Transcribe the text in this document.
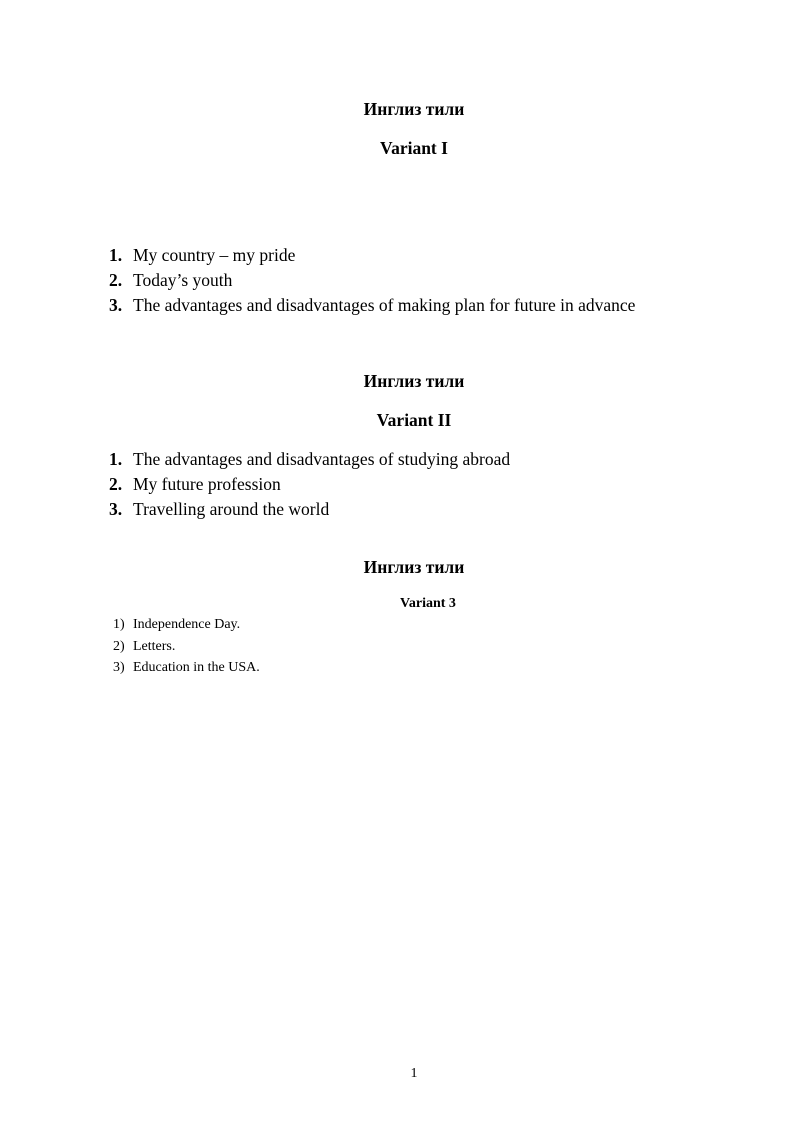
Инглиз тили

Variant I

1. My country – my pride
2. Today’s youth
3. The advantages and disadvantages of making plan for future in advance

Инглиз тили

Variant II

1. The advantages and disadvantages of studying abroad
2. My future profession
3. Travelling around the world

Инглиз тили

Variant 3

1) Independence Day.
2) Letters.
3) Education in the USA.
1
